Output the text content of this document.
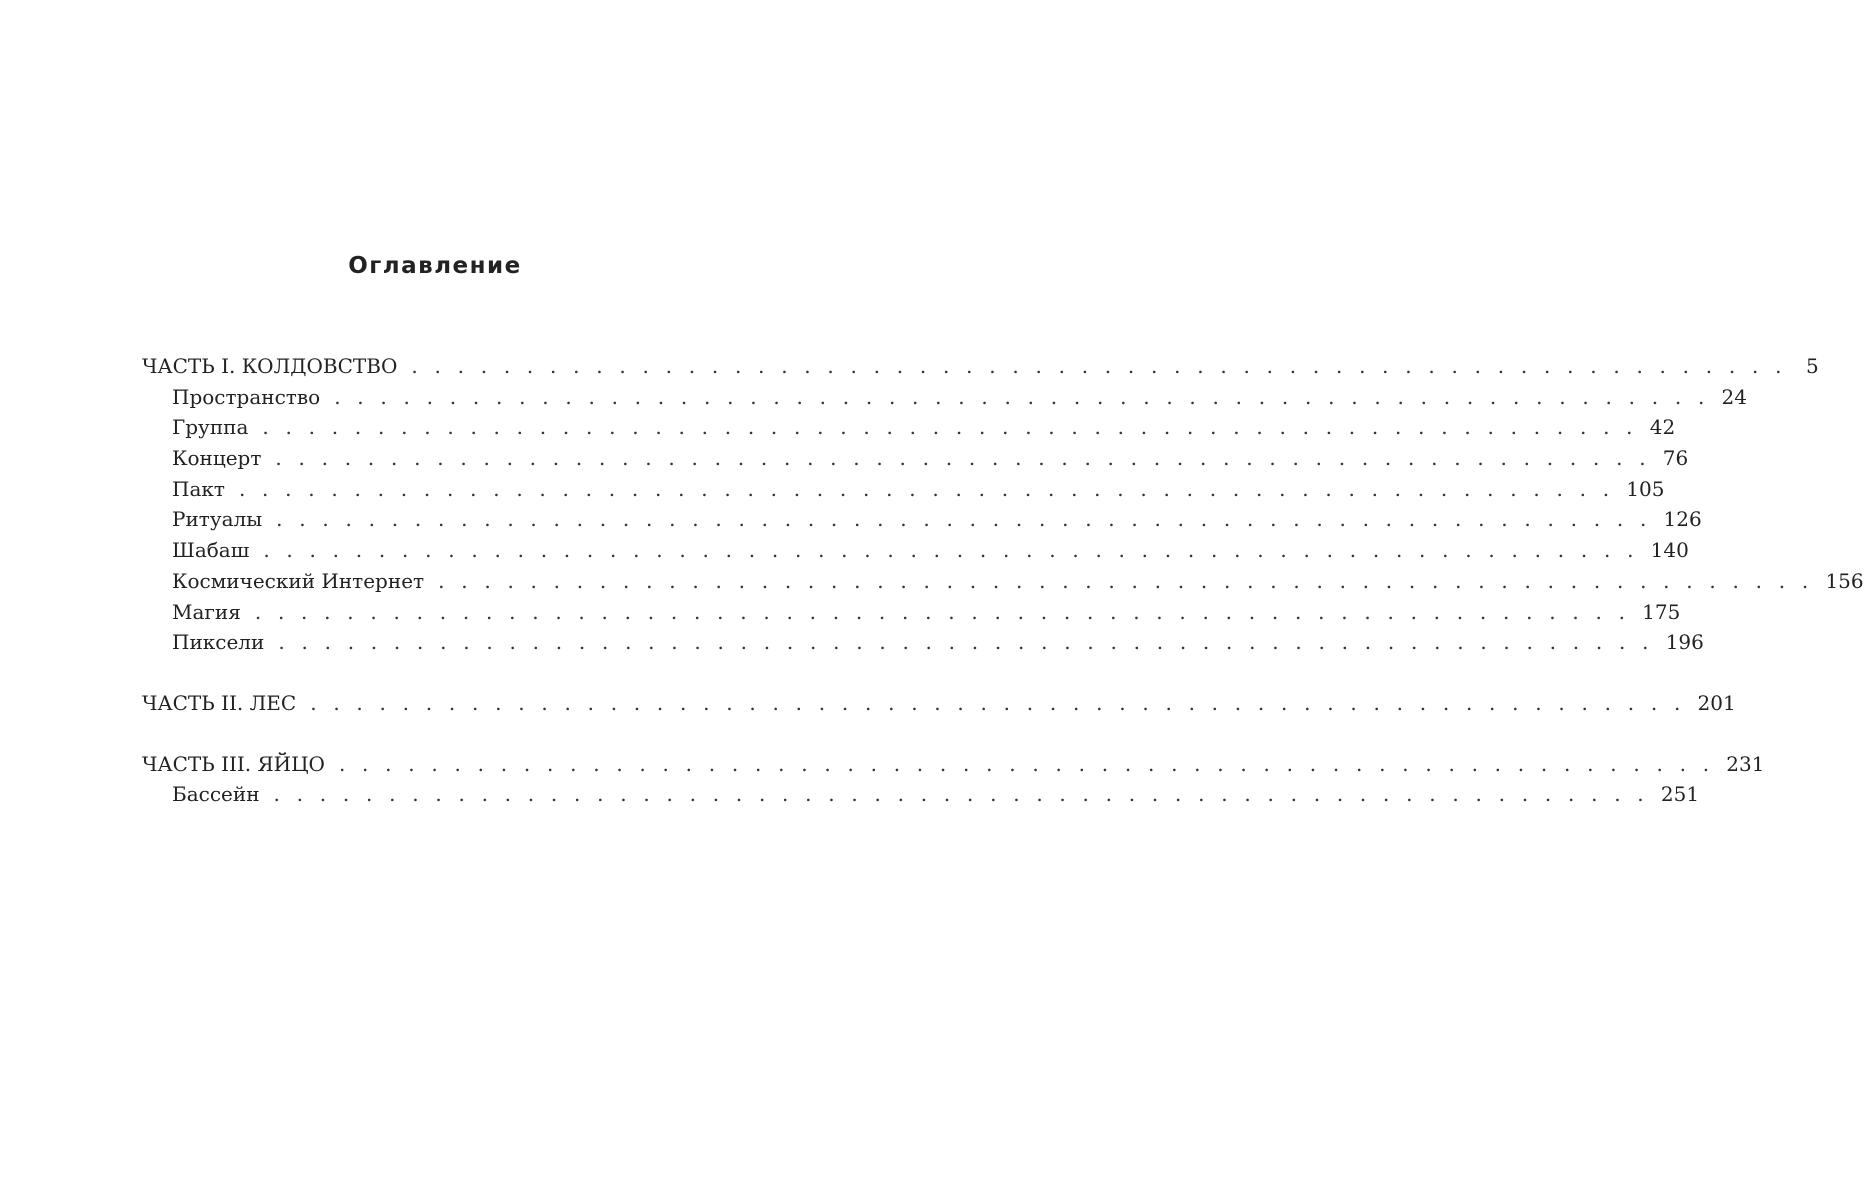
Оглавление
ЧАСТЬ I. КОЛДОВСТВО . . . . . . . . . . . . . . . . . . . . . . . . . . . . . . . . . . . . . . . . . . . . . . . . . . . . . . . . . . . . 5
Пространство . . . . . . . . . . . . . . . . . . . . . . . . . . . . . . . . . . . . . . . . . . . . . . . . . . . . . . . . . . . . 24
Группа . . . . . . . . . . . . . . . . . . . . . . . . . . . . . . . . . . . . . . . . . . . . . . . . . . . . . . . . . . . . 42
Концерт . . . . . . . . . . . . . . . . . . . . . . . . . . . . . . . . . . . . . . . . . . . . . . . . . . . . . . . . . . . . 76
Пакт . . . . . . . . . . . . . . . . . . . . . . . . . . . . . . . . . . . . . . . . . . . . . . . . . . . . . . . . . . . . 105
Ритуалы . . . . . . . . . . . . . . . . . . . . . . . . . . . . . . . . . . . . . . . . . . . . . . . . . . . . . . . . . . . . 126
Шабаш . . . . . . . . . . . . . . . . . . . . . . . . . . . . . . . . . . . . . . . . . . . . . . . . . . . . . . . . . . . . 140
Космический Интернет . . . . . . . . . . . . . . . . . . . . . . . . . . . . . . . . . . . . . . . . . . . . . . . . . . . . . . . . . . . . 156
Магия . . . . . . . . . . . . . . . . . . . . . . . . . . . . . . . . . . . . . . . . . . . . . . . . . . . . . . . . . . . . 175
Пиксели . . . . . . . . . . . . . . . . . . . . . . . . . . . . . . . . . . . . . . . . . . . . . . . . . . . . . . . . . . . . 196
ЧАСТЬ II. ЛЕС . . . . . . . . . . . . . . . . . . . . . . . . . . . . . . . . . . . . . . . . . . . . . . . . . . . . . . . . . . . . 201
ЧАСТЬ III. ЯЙЦО . . . . . . . . . . . . . . . . . . . . . . . . . . . . . . . . . . . . . . . . . . . . . . . . . . . . . . . . . . . . 231
Бассейн . . . . . . . . . . . . . . . . . . . . . . . . . . . . . . . . . . . . . . . . . . . . . . . . . . . . . . . . . . . . 251
